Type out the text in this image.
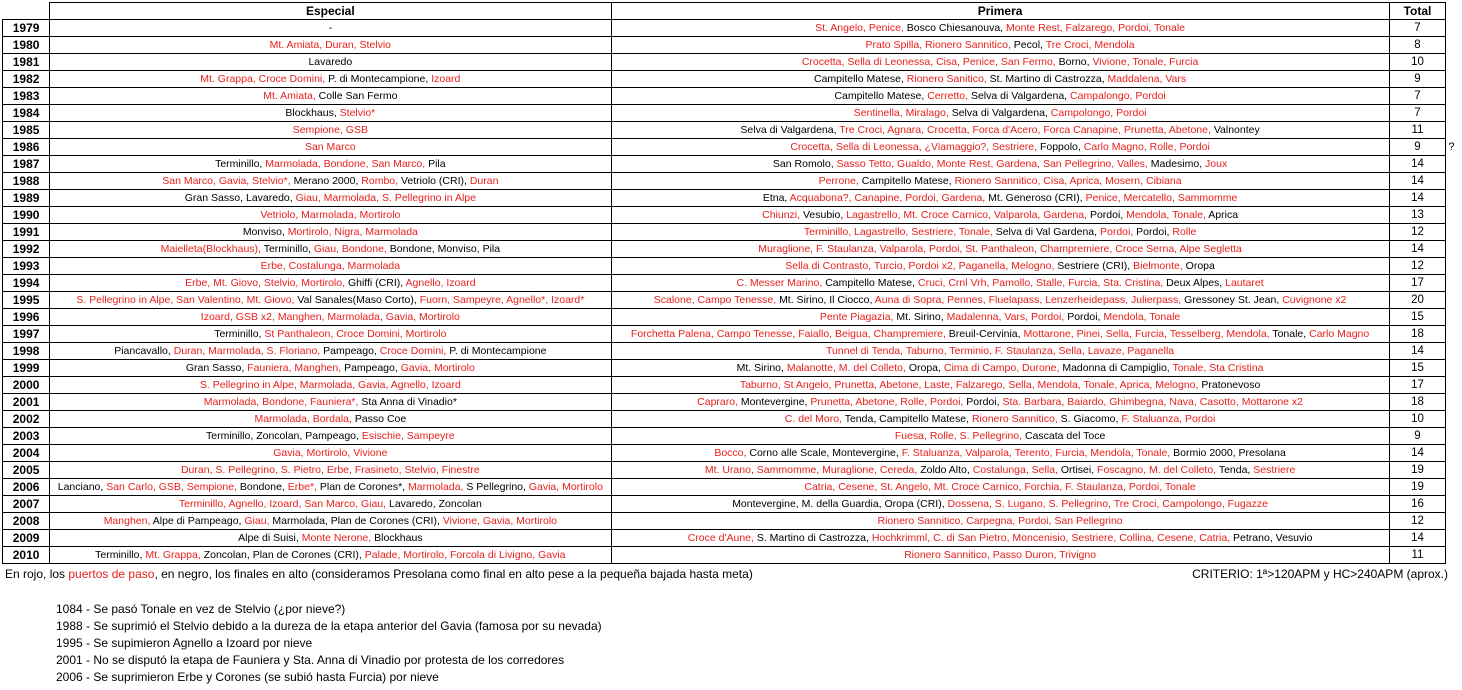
	Especial	Primera	Total	
1979	-	St. Angelo, Penice, Bosco Chiesanouva, Monte Rest, Falzarego, Pordoi, Tonale	7	
1980	Mt. Amiata, Duran, Stelvio	Prato Spilla, Rionero Sannitico, Pecol, Tre Croci, Mendola	8	
1981	Lavaredo	Crocetta, Sella di Leonessa, Cisa, Penice, San Fermo, Borno, Vivione, Tonale, Furcia	10	
1982	Mt. Grappa, Croce Domini, P. di Montecampione, Izoard	Campitello Matese, Rionero Sanitico, St. Martino di Castrozza, Maddalena, Vars	9	
1983	Mt. Amiata, Colle San Fermo	Campitello Matese, Cerretto, Selva di Valgardena, Campalongo, Pordoi	7	
1984	Blockhaus, Stelvio*	Sentinella, Miralago, Selva di Valgardena, Campolongo, Pordoi	7	
1985	Sempione, GSB	Selva di Valgardena, Tre Croci, Agnara, Crocetta, Forca d'Acero, Forca Canapine, Prunetta, Abetone, Valnontey	11	
1986	San Marco	Crocetta, Sella di Leonessa, ¿Viamaggio?, Sestriere, Foppolo, Carlo Magno, Rolle, Pordoi	9	?
1987	Terminillo, Marmolada, Bondone, San Marco, Pila	San Romolo, Sasso Tetto, Gualdo, Monte Rest, Gardena, San Pellegrino, Valles, Madesimo, Joux	14	
1988	San Marco, Gavia, Stelvio*, Merano 2000, Rombo, Vetriolo (CRI), Duran	Perrone, Campitello Matese, Rionero Sannitico, Cisa, Aprica, Mosern, Cibiana	14	
1989	Gran Sasso, Lavaredo, Giau, Marmolada, S. Pellegrino in Alpe	Etna, Acquabona?, Canapine, Pordoi, Gardena, Mt. Generoso (CRI), Penice, Mercatello, Sammomme	14	
1990	Vetriolo, Marmolada, Mortirolo	Chiunzi, Vesubio, Lagastrello, Mt. Croce Carnico, Valparola, Gardena, Pordoi, Mendola, Tonale, Aprica	13	
1991	Monviso, Mortirolo, Nigra, Marmolada	Terminillo, Lagastrello, Sestriere, Tonale, Selva di Val Gardena, Pordoi, Pordoi, Rolle	12	
1992	Maielleta(Blockhaus), Terminillo, Giau, Bondone, Bondone, Monviso, Pila	Muraglione, F. Staulanza, Valparola, Pordoi, St. Panthaleon, Champremiere, Croce Serna, Alpe Segletta	14	
1993	Erbe, Costalunga, Marmolada	Sella di Contrasto, Turcio, Pordoi x2, Paganella, Melogno, Sestriere (CRI), Bielmonte, Oropa	12	
1994	Erbe, Mt. Giovo, Stelvio, Mortirolo, Ghiffi (CRI), Agnello, Izoard	C. Messer Marino, Campitello Matese, Cruci, Crnl Vrh, Pamollo, Stalle, Furcia, Sta. Cristina, Deux Alpes, Lautaret	17	
1995	S. Pellegrino in Alpe, San Valentino, Mt. Giovo, Val Sanales(Maso Corto), Fuorn, Sampeyre, Agnello*, Izoard*	Scalone, Campo Tenesse, Mt. Sirino, Il Ciocco, Auna di Sopra, Pennes, Fluelapass, Lenzerheidepass, Julierpass, Gressoney St. Jean, Cuvignone x2	20	
1996	Izoard, GSB x2, Manghen, Marmolada, Gavia, Mortirolo	Pente Piagazia, Mt. Sirino, Madalenna, Vars, Pordoi, Pordoi, Mendola, Tonale	15	
1997	Terminillo, St Panthaleon, Croce Domini, Mortirolo	Forchetta Palena, Campo Tenesse, Faiallo, Beigua, Champremiere, Breuil-Cervinia, Mottarone, Pinei, Sella, Furcia, Tesselberg, Mendola, Tonale, Carlo Magno	18	
1998	Piancavallo, Duran, Marmolada, S. Floriano, Pampeago, Croce Domini, P. di Montecampione	Tunnel di Tenda, Taburno, Terminio, F. Staulanza, Sella, Lavaze, Paganella	14	
1999	Gran Sasso, Fauniera, Manghen, Pampeago, Gavia, Mortirolo	Mt. Sirino, Malanotte, M. del Colleto, Oropa, Cima di Campo, Durone, Madonna di Campiglio, Tonale, Sta Cristina	15	
2000	S. Pellegrino in Alpe, Marmolada, Gavia, Agnello, Izoard	Taburno, St Angelo, Prunetta, Abetone, Laste, Falzarego, Sella, Mendola, Tonale, Aprica, Melogno, Pratonevoso	17	
2001	Marmolada, Bondone, Fauniera*, Sta Anna di Vinadio*	Capraro, Montevergine, Prunetta, Abetone, Rolle, Pordoi, Pordoi, Sta. Barbara, Baiardo, Ghimbegna, Nava, Casotto, Mottarone x2	18	
2002	Marmolada, Bordala, Passo Coe	C. del Moro, Tenda, Campitello Matese, Rionero Sannitico, S. Giacomo, F. Staluanza, Pordoi	10	
2003	Terminillo, Zoncolan, Pampeago, Esischie, Sampeyre	Fuesa, Rolle, S. Pellegrino, Cascata del Toce	9	
2004	Gavia, Mortirolo, Vivione	Bocco, Corno alle Scale, Montevergine, F. Staluanza, Valparola, Terento, Furcia, Mendola, Tonale, Bormio 2000, Presolana	14	
2005	Duran, S. Pellegrino, S. Pietro, Erbe, Frasineto, Stelvio, Finestre	Mt. Urano, Sammomme, Muraglione, Cereda, Zoldo Alto, Costalunga, Sella, Ortisei, Foscagno, M. del Colleto, Tenda, Sestriere	19	
2006	Lanciano, San Carlo, GSB, Sempione, Bondone, Erbe*, Plan de Corones*, Marmolada, S Pellegrino, Gavia, Mortirolo	Catria, Cesene, St. Angelo, Mt. Croce Carnico, Forchia, F. Staulanza, Pordoi, Tonale	19	
2007	Terminillo, Agnello, Izoard, San Marco, Giau, Lavaredo, Zoncolan	Montevergine, M. della Guardia, Oropa (CRI), Dossena, S. Lugano, S. Pellegrino, Tre Croci, Campolongo, Fugazze	16	
2008	Manghen, Alpe di Pampeago, Giau, Marmolada, Plan de Corones (CRI), Vivione, Gavia, Mortirolo	Rionero Sannitico, Carpegna, Pordoi, San Pellegrino	12	
2009	Alpe di Suisi, Monte Nerone, Blockhaus	Croce d'Aune, S. Martino di Castrozza, Hochkrimml, C. di San Pietro, Moncenisio, Sestriere, Collina, Cesene, Catria, Petrano, Vesuvio	14	
2010	Terminillo, Mt. Grappa, Zoncolan, Plan de Corones (CRI), Palade, Mortirolo, Forcola di Livigno, Gavia	Rionero Sannitico, Passo Duron, Trivigno	11	
En rojo, los puertos de paso, en negro, los finales en alto (consideramos Presolana como final en alto pese a la pequeña bajada hasta meta)	CRITERIO: 1ª>120APM y HC>240APM (aprox.)
1084 - Se pasó Tonale en vez de Stelvio (¿por nieve?)
1988 - Se suprimió el Stelvio debido a la dureza de la etapa anterior del Gavia (famosa por su nevada)
1995 - Se supimieron Agnello a Izoard por nieve
2001 - No se disputó la etapa de Fauniera y Sta. Anna di Vinadio por protesta de los corredores
2006 - Se suprimieron Erbe y Corones (se subió hasta Furcia) por nieve
